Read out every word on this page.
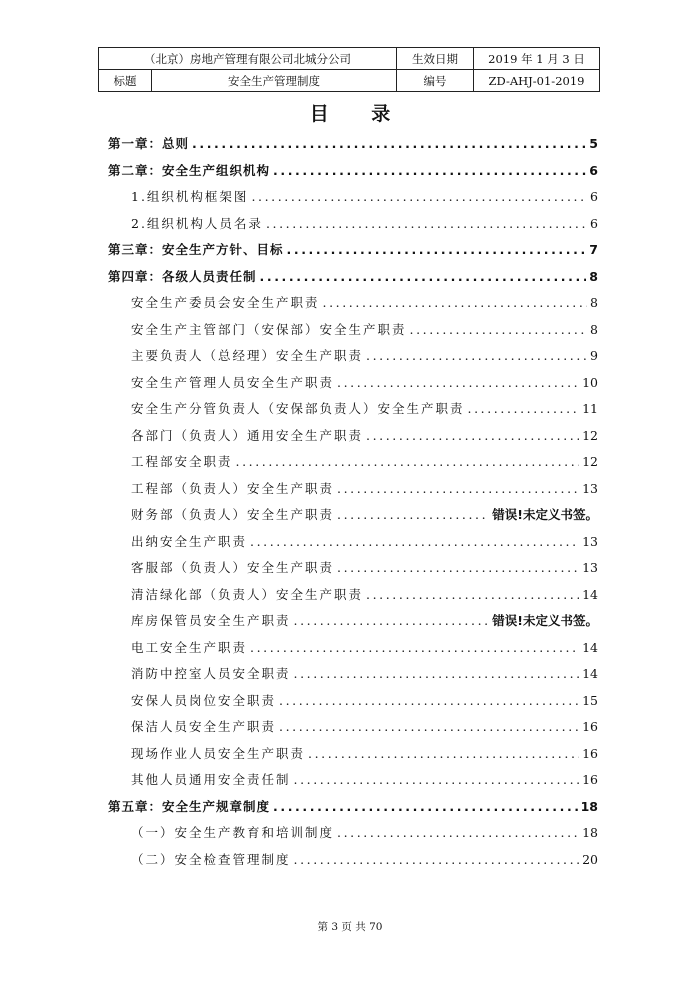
（北京）房地产管理有限公司北城分公司		生效日期	2019 年 1 月 3 日
标题	安全生产管理制度	编号	ZD-AHJ-01-2019
目 录
第一章：总则 .....	5
第二章：安全生产组织机构 .....	6
1.组织机构框架图 .....	6
2.组织机构人员名录 .....	6
第三章：安全生产方针、目标 .....	7
第四章：各级人员责任制 .....	8
安全生产委员会安全生产职责 .....	8
安全生产主管部门（安保部）安全生产职责 .....	8
主要负责人（总经理）安全生产职责 .....	9
安全生产管理人员安全生产职责 .....	10
安全生产分管负责人（安保部负责人）安全生产职责 .....	11
各部门（负责人）通用安全生产职责 .....	12
工程部安全职责 .....	12
工程部（负责人）安全生产职责 .....	13
财务部（负责人）安全生产职责 .....	错误!未定义书签。
出纳安全生产职责 .....	13
客服部（负责人）安全生产职责 .....	13
清洁绿化部（负责人）安全生产职责 .....	14
库房保管员安全生产职责 .....	错误!未定义书签。
电工安全生产职责 .....	14
消防中控室人员安全职责 .....	14
安保人员岗位安全职责 .....	15
保洁人员安全生产职责 .....	16
现场作业人员安全生产职责 .....	16
其他人员通用安全责任制 .....	16
第五章：安全生产规章制度 .....	18
（一）安全生产教育和培训制度 .....	18
（二）安全检查管理制度 .....	20
第 3 页 共 70
